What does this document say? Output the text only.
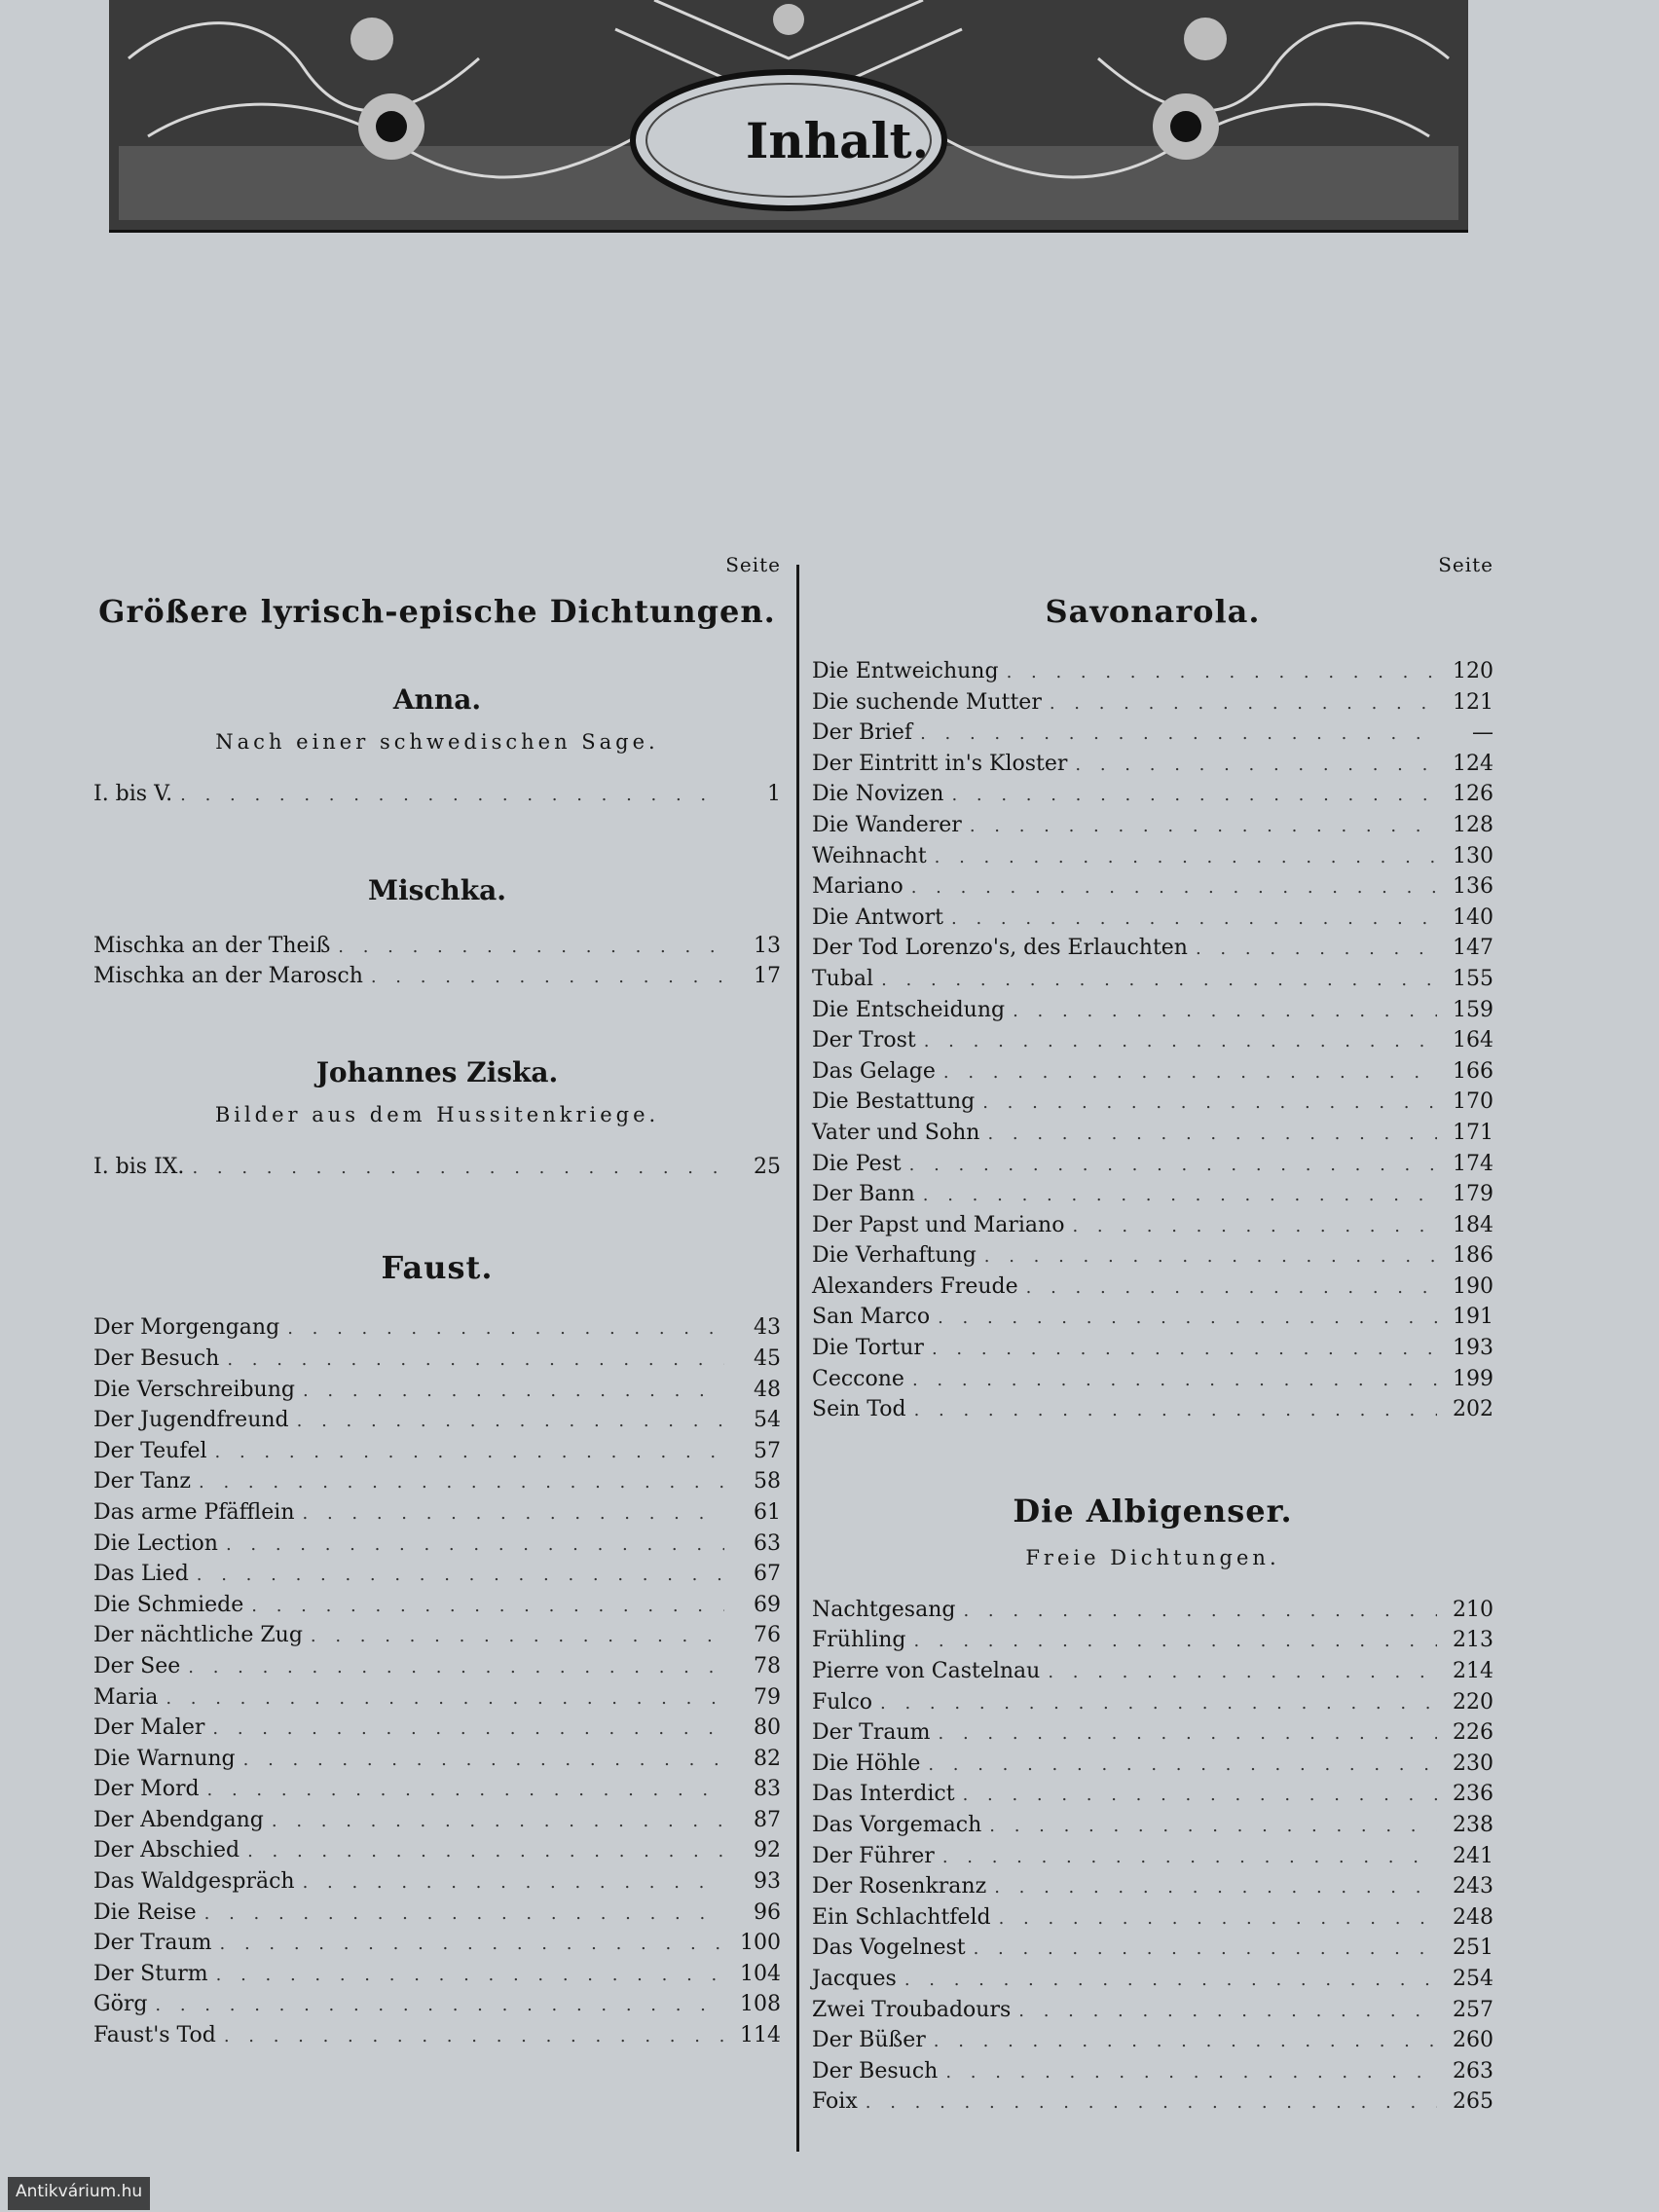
Inhalt.
Seite
Größere lyrisch-epische Dichtungen.
Anna.
Nach einer schwedischen Sage.
I. bis V. . . .	1
Mischka.
Mischka an der Theiß . . .	13
Mischka an der Marosch . . .	17
Johannes Ziska.
Bilder aus dem Hussitenkriege.
I. bis IX. . . .	25
Faust.
Der Morgengang . . .	43
Der Besuch . . .	45
Die Verschreibung . . .	48
Der Jugendfreund . . .	54
Der Teufel . . .	57
Der Tanz . . .	58
Das arme Pfäfflein . . .	61
Die Lection . . .	63
Das Lied . . .	67
Die Schmiede . . .	69
Der nächtliche Zug . . .	76
Der See . . .	78
Maria . . .	79
Der Maler . . .	80
Die Warnung . . .	82
Der Mord . . .	83
Der Abendgang . . .	87
Der Abschied . . .	92
Das Waldgespräch . . .	93
Die Reise . . .	96
Der Traum . . .	100
Der Sturm . . .	104
Görg . . .	108
Faust's Tod . . .	114
Seite
Savonarola.
Die Entweichung . . .	120
Die suchende Mutter . . .	121
Der Brief . . .	—
Der Eintritt in's Kloster . . .	124
Die Novizen . . .	126
Die Wanderer . . .	128
Weihnacht . . .	130
Mariano . . .	136
Die Antwort . . .	140
Der Tod Lorenzo's, des Erlauchten . . .	147
Tubal . . .	155
Die Entscheidung . . .	159
Der Trost . . .	164
Das Gelage . . .	166
Die Bestattung . . .	170
Vater und Sohn . . .	171
Die Pest . . .	174
Der Bann . . .	179
Der Papst und Mariano . . .	184
Die Verhaftung . . .	186
Alexanders Freude . . .	190
San Marco . . .	191
Die Tortur . . .	193
Ceccone . . .	199
Sein Tod . . .	202
Die Albigenser.
Freie Dichtungen.
Nachtgesang . . .	210
Frühling . . .	213
Pierre von Castelnau . . .	214
Fulco . . .	220
Der Traum . . .	226
Die Höhle . . .	230
Das Interdict . . .	236
Das Vorgemach . . .	238
Der Führer . . .	241
Der Rosenkranz . . .	243
Ein Schlachtfeld . . .	248
Das Vogelnest . . .	251
Jacques . . .	254
Zwei Troubadours . . .	257
Der Büßer . . .	260
Der Besuch . . .	263
Foix . . .	265
Antikvárium.hu
